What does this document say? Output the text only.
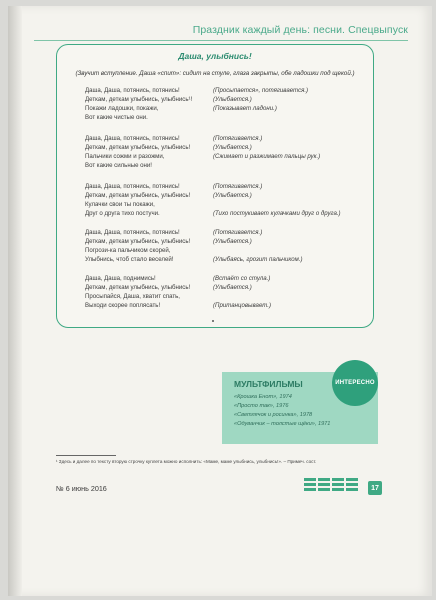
Праздник каждый день: песни. Спецвыпуск
Даша, улыбнись!
(Звучит вступление. Даша «спит»: сидит на стуле, глаза закрыты, обе ладошки под щекой.)
Даша, Даша, потянись, потянись!	(Просыпается», потягивается.)
Деткам, деткам улыбнись, улыбнись¹!	(Улыбается.)
Покажи ладошки, покажи,	(Показывает ладони.)
Вот какие чистые они.
Даша, Даша, потянись, потянись!	(Потягивается.)
Деткам, деткам улыбнись, улыбнись!	(Улыбается.)
Пальчики сожми и разожми,	(Сжимает и разжимает пальцы рук.)
Вот какие сильные они!
Даша, Даша, потянись, потянись!	(Потягивается.)
Деткам, деткам улыбнись, улыбнись!	(Улыбается.)
Кулачки свои ты покажи,
Друг о друга тихо постучи.	(Тихо постукивает кулачками друг о друга.)
Даша, Даша, потянись, потянись!	(Потягивается.)
Деткам, деткам улыбнись, улыбнись!	(Улыбается.)
Погрози-ка пальчиком скорей,
Улыбнись, чтоб стало веселей!	(Улыбаясь, грозит пальчиком.)
Даша, Даша, поднимись!	(Встаёт со стула.)
Деткам, деткам улыбнись, улыбнись!	(Улыбается.)
Просыпайся, Даша, хватит спать,
Выходи скорее поплясать!	(Пританцовывает.)
МУЛЬТФИЛЬМЫ
«Крошка Енот», 1974
«Просто так», 1976
«Светлячок и росинка», 1978
«Одуванчик – толстые щёки», 1971
ИНТЕРЕСНО
¹ Здесь и далее по тексту вторую строчку куплета можно исполнить: «Маме, маме улыбнись, улыбнись!». – Примеч. сост.
№ 6 июнь 2016	17
